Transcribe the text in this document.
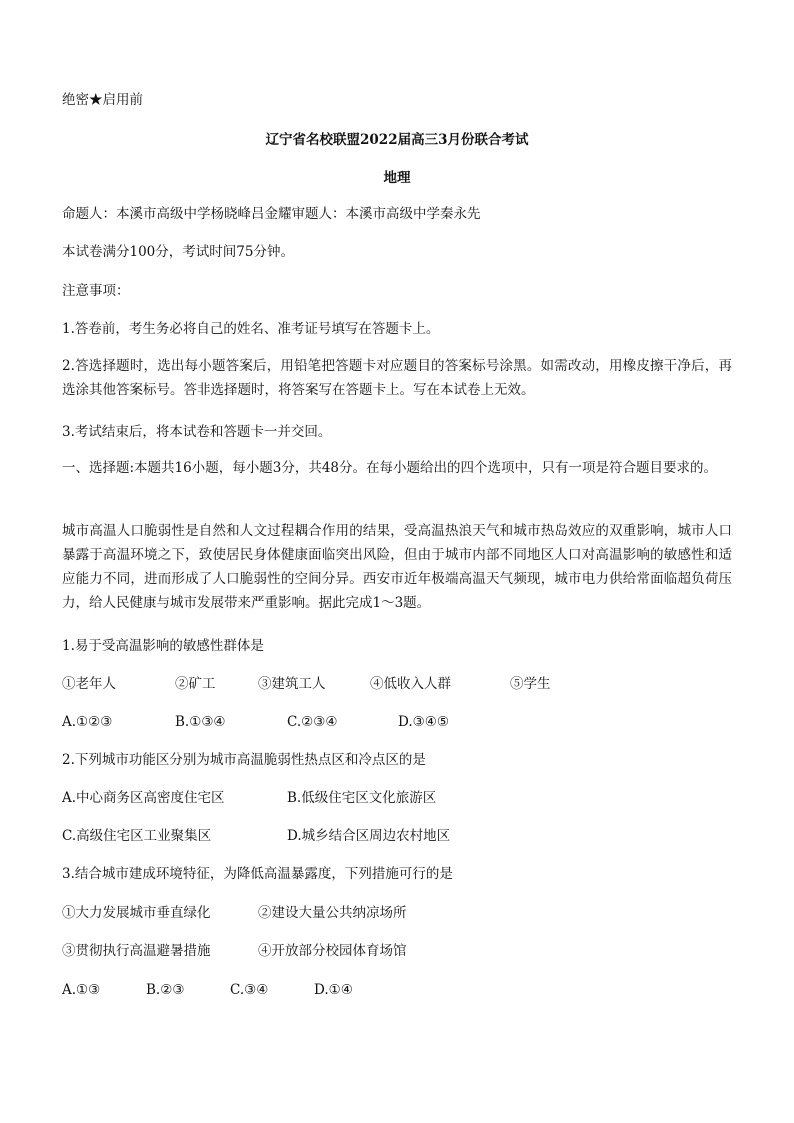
绝密★启用前
辽宁省名校联盟2022届高三3月份联合考试
地理
命题人：本溪市高级中学杨晓峰吕金耀审题人：本溪市高级中学秦永先
本试卷满分100分，考试时间75分钟。
注意事项：
1.答卷前，考生务必将自己的姓名、准考证号填写在答题卡上。

2.答选择题时，选出每小题答案后，用铅笔把答题卡对应题目的答案标号涂黑。如需改动，用橡皮擦干净后，再选涂其他答案标号。答非选择题时，将答案写在答题卡上。写在本试卷上无效。

3.考试结束后，将本试卷和答题卡一并交回。

一、选择题:本题共16小题，每小题3分，共48分。在每小题给出的四个选项中，只有一项是符合题目要求的。

城市高温人口脆弱性是自然和人文过程耦合作用的结果，受高温热浪天气和城市热岛效应的双重影响，城市人口暴露于高温环境之下，致使居民身体健康面临突出风险，但由于城市内部不同地区人口对高温影响的敏感性和适应能力不同，进而形成了人口脆弱性的空间分异。西安市近年极端高温天气频现，城市电力供给常面临超负荷压力，给人民健康与城市发展带来严重影响。据此完成1～3题。

1.易于受高温影响的敏感性群体是
①老年人	②矿工	③建筑工人	④低收入人群	⑤学生
A.①②③	B.①③④	C.②③④	D.③④⑤
2.下列城市功能区分别为城市高温脆弱性热点区和冷点区的是
A.中心商务区高密度住宅区	B.低级住宅区文化旅游区
C.高级住宅区工业聚集区	D.城乡结合区周边农村地区
3.结合城市建成环境特征，为降低高温暴露度，下列措施可行的是
①大力发展城市垂直绿化	②建设大量公共纳凉场所
③贯彻执行高温避暑措施	④开放部分校园体育场馆
A.①③	B.②③	C.③④	D.①④
